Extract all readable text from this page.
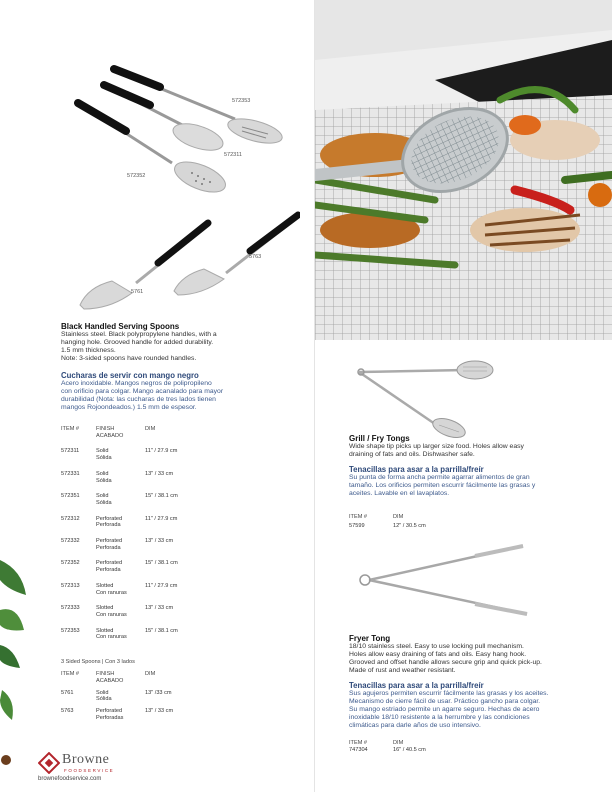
572353
572311
572352
5763
5761
Black Handled Serving Spoons
Stainless steel. Black polypropylene handles, with a
hanging hole. Grooved handle for added durability.
1.5 mm thickness.
Note: 3-sided spoons have rounded handles.
Cucharas de servir con mango negro
Acero inoxidable. Mangos negros de polipropileno
con orificio para colgar. Mango acanalado para mayor
durabilidad (Nota: las cucharas de tres lados tienen
mangos Rojoondeados.) 1.5 mm de espesor.
ITEM #	FINISH
ACABADO
DIM
572311	Solid
Sólida
11" / 27.9 cm
572331	Solid
Sólida
13" / 33 cm
572351	Solid
Sólida
15" / 38.1 cm
572312	Perforated
Perforada
11" / 27.9 cm
572332	Perforated
Perforada
13" / 33 cm
572352	Perforated
Perforada
15" / 38.1 cm
572313	Slotted
Con ranuras
11" / 27.9 cm
572333	Slotted
Con ranuras
13" / 33 cm
572353	Slotted
Con ranuras
15" / 38.1 cm
3 Sided Spoons | Con 3 lados
ITEM #	FINISH
ACABADO
DIM
5761	Solid
Sólida
13" /33 cm
5763	Perforated
Perforadas
13" / 33 cm
Browne
FOODSERVICE
brownefoodservice.com
Grill / Fry Tongs
Wide shape tip picks up larger size food. Holes allow easy
draining of fats and oils. Dishwasher safe.
Tenacillas para asar a la parrilla/freír
Su punta de forma ancha permite agarrar alimentos de gran
tamaño. Los orificios permiten escurrir fácilmente las grasas y
aceites. Lavable en el lavaplatos.
ITEM #	DIM
57599	12" / 30.5 cm
Fryer Tong
18/10 stainless steel. Easy to use locking pull mechanism.
Holes allow easy draining of fats and oils. Easy hang hook.
Grooved and offset handle allows secure grip and quick pick-up.
Made of rust and weather resistant.
Tenacillas para asar a la parrilla/freír
Sus agujeros permiten escurrir fácilmente las grasas y los aceites.
Mecanismo de cierre fácil de usar. Práctico gancho para colgar.
Su mango estriado permite un agarre seguro. Hechas de acero
inoxidable 18/10 resistente a la herrumbre y las condiciones
climáticas para darle años de uso intensivo.
ITEM #	DIM
747304	16" / 40.5 cm
